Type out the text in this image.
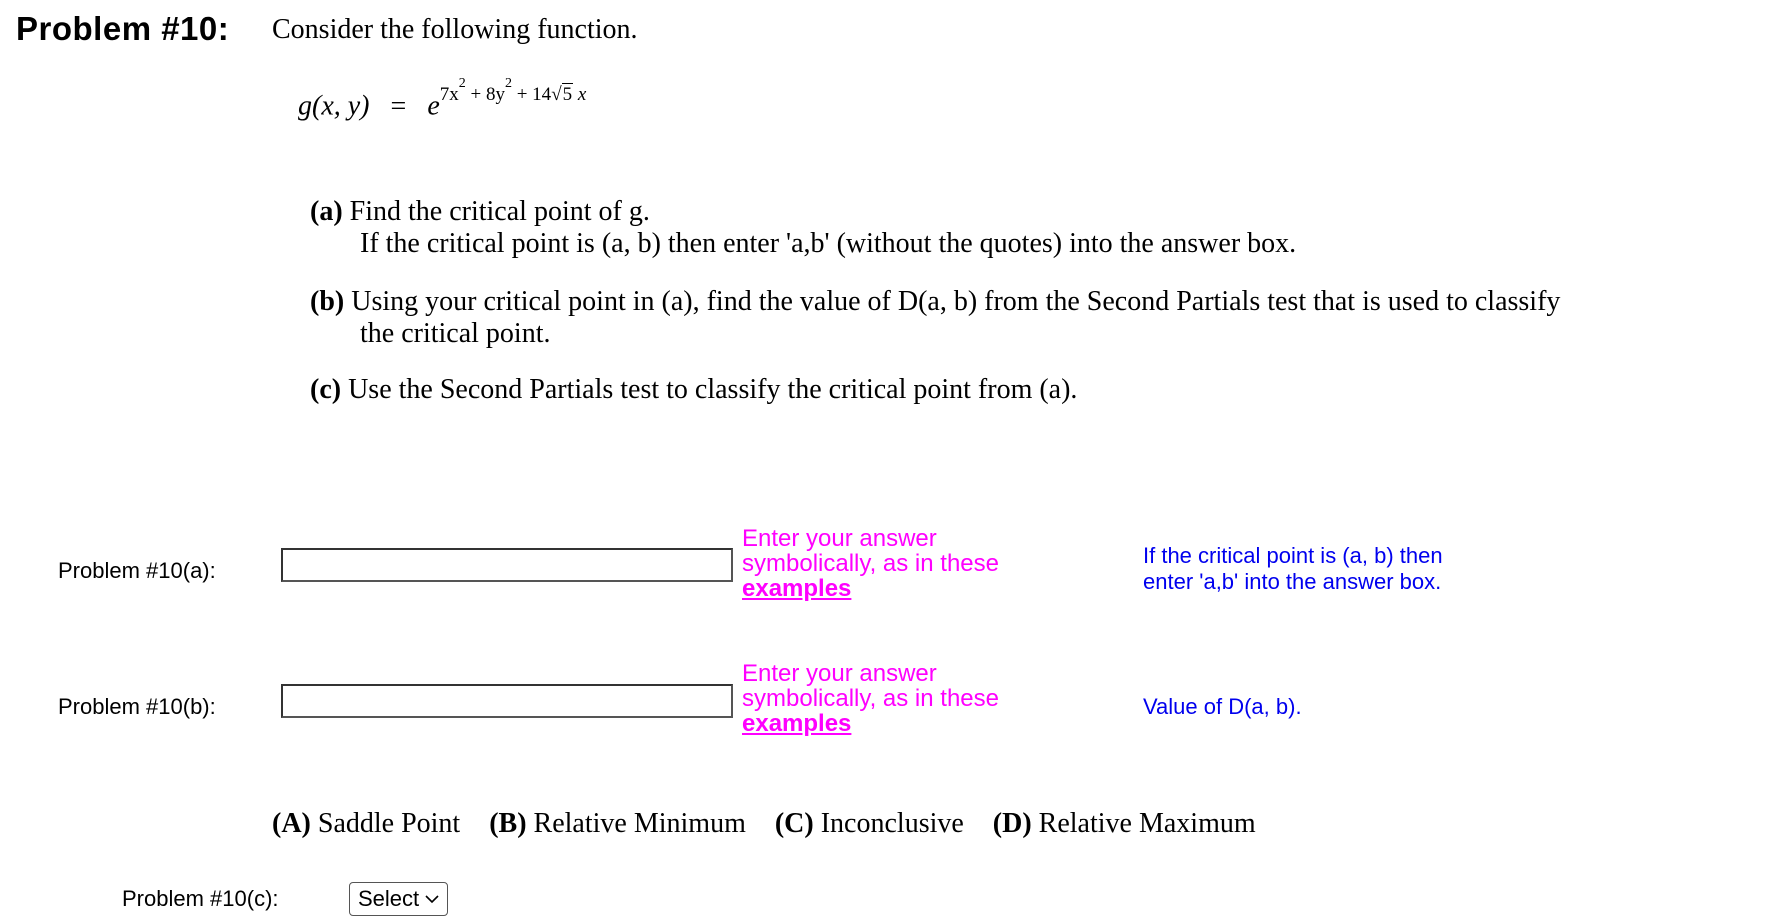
Problem #10: Consider the following function.
g(x, $y) = e^{7x^2 + 8y^2 + 14√5 x}$
(a) Find the critical point of g.
If the critical point is (a, b) then enter 'a,b' (without the quotes) into the answer box.
(b) Using your critical point in (a), find the value of D(a, b) from the Second Partials test that is used to classify
the critical point.
(c) Use the Second Partials test to classify the critical point from (a).
Problem #10(a):
Enter your answer
symbolically, as in these
examples
If the critical point is (a, b) then
enter 'a,b' into the answer box.
Problem #10(b):
Enter your answer
symbolically, as in these
examples
Value of D(a, b).
(A) Saddle Point (B) Relative Minimum (C) Inconclusive (D) Relative Maximum
Problem #10(c):	Select
